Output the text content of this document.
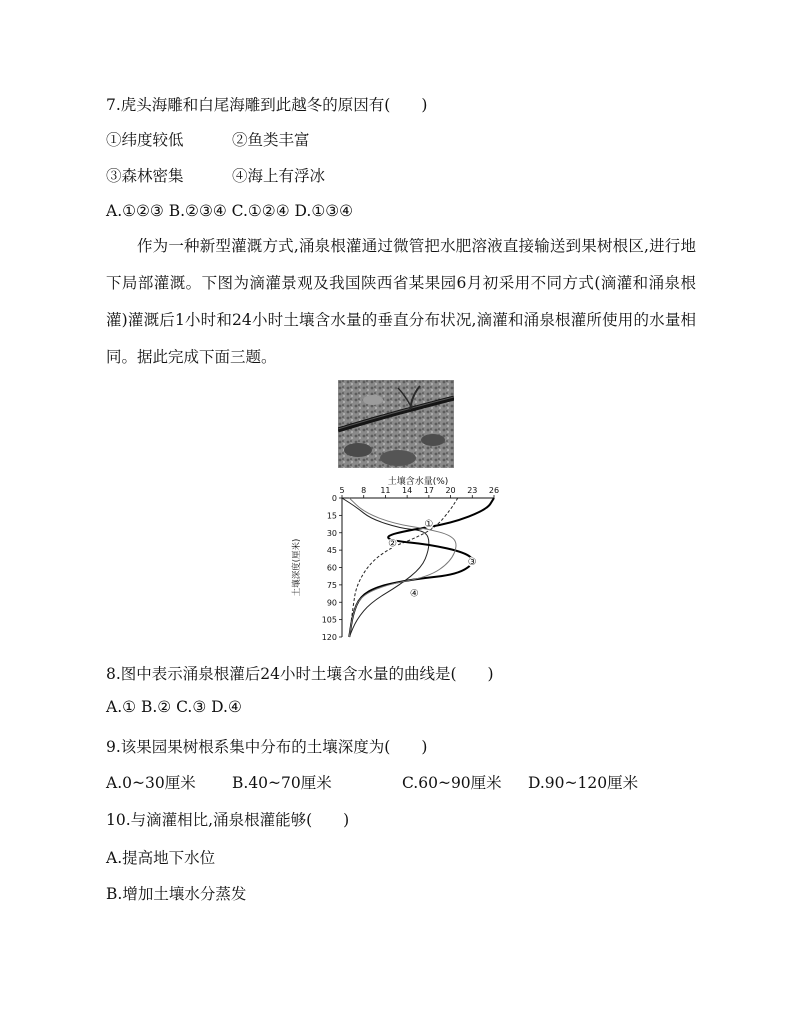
7.虎头海雕和白尾海雕到此越冬的原因有(　　)
①纬度较低	②鱼类丰富
③森林密集	④海上有浮冰
A.①②③ B.②③④ C.①②④ D.①③④
作为一种新型灌溉方式,涌泉根灌通过微管把水肥溶液直接输送到果树根区,进行地下局部灌溉。下图为滴灌景观及我国陕西省某果园6月初采用不同方式(滴灌和涌泉根灌)灌溉后1小时和24小时土壤含水量的垂直分布状况,滴灌和涌泉根灌所使用的水量相同。据此完成下面三题。
土壤含水量(%)
5 8 11 14 17 20 23 26
0
15
30
45
60
75
90
105
120
土壤深度(厘米)
①
②
③
④
8.图中表示涌泉根灌后24小时土壤含水量的曲线是(　　)
A.① B.② C.③ D.④
9.该果园果树根系集中分布的土壤深度为(　　)
A.0~30厘米 B.40~70厘米	C.60~90厘米 D.90~120厘米
10.与滴灌相比,涌泉根灌能够(　　)
A.提高地下水位
B.增加土壤水分蒸发
